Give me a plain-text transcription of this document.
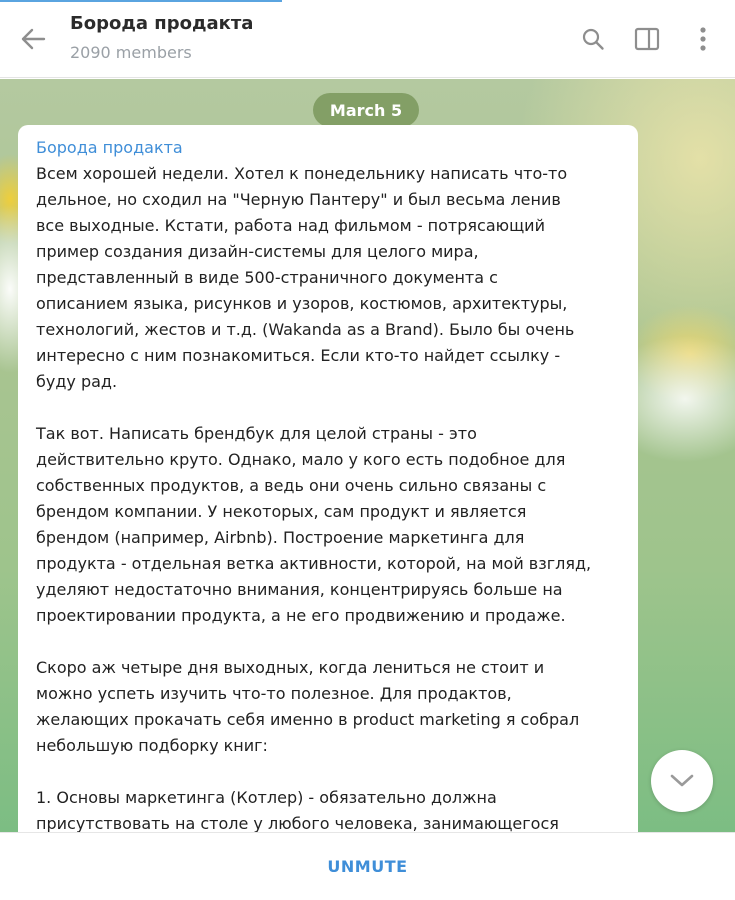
Борода продакта
2090 members
March 5
Борода продакта

Всем хорошей недели. Хотел к понедельнику написать что-то

дельное, но сходил на "Черную Пантеру" и был весьма ленив

все выходные. Кстати, работа над фильмом - потрясающий

пример создания дизайн-системы для целого мира,

представленный в виде 500-страничного документа с

описанием языка, рисунков и узоров, костюмов, архитектуры,

технологий, жестов и т.д. (Wakanda as a Brand). Было бы очень

интересно с ним познакомиться. Если кто-то найдет ссылку -

буду рад.

Так вот. Написать брендбук для целой страны - это

действительно круто. Однако, мало у кого есть подобное для

собственных продуктов, а ведь они очень сильно связаны с

брендом компании. У некоторых, сам продукт и является

брендом (например, Airbnb). Построение маркетинга для

продукта - отдельная ветка активности, которой, на мой взгляд,

уделяют недостаточно внимания, концентрируясь больше на

проектировании продукта, а не его продвижению и продаже.

Скоро аж четыре дня выходных, когда лениться не стоит и

можно успеть изучить что-то полезное. Для продактов,

желающих прокачать себя именно в product marketing я собрал

небольшую подборку книг:

1. Основы маркетинга (Котлер) - обязательно должна

присутствовать на столе у любого человека, занимающегося

UNMUTE
